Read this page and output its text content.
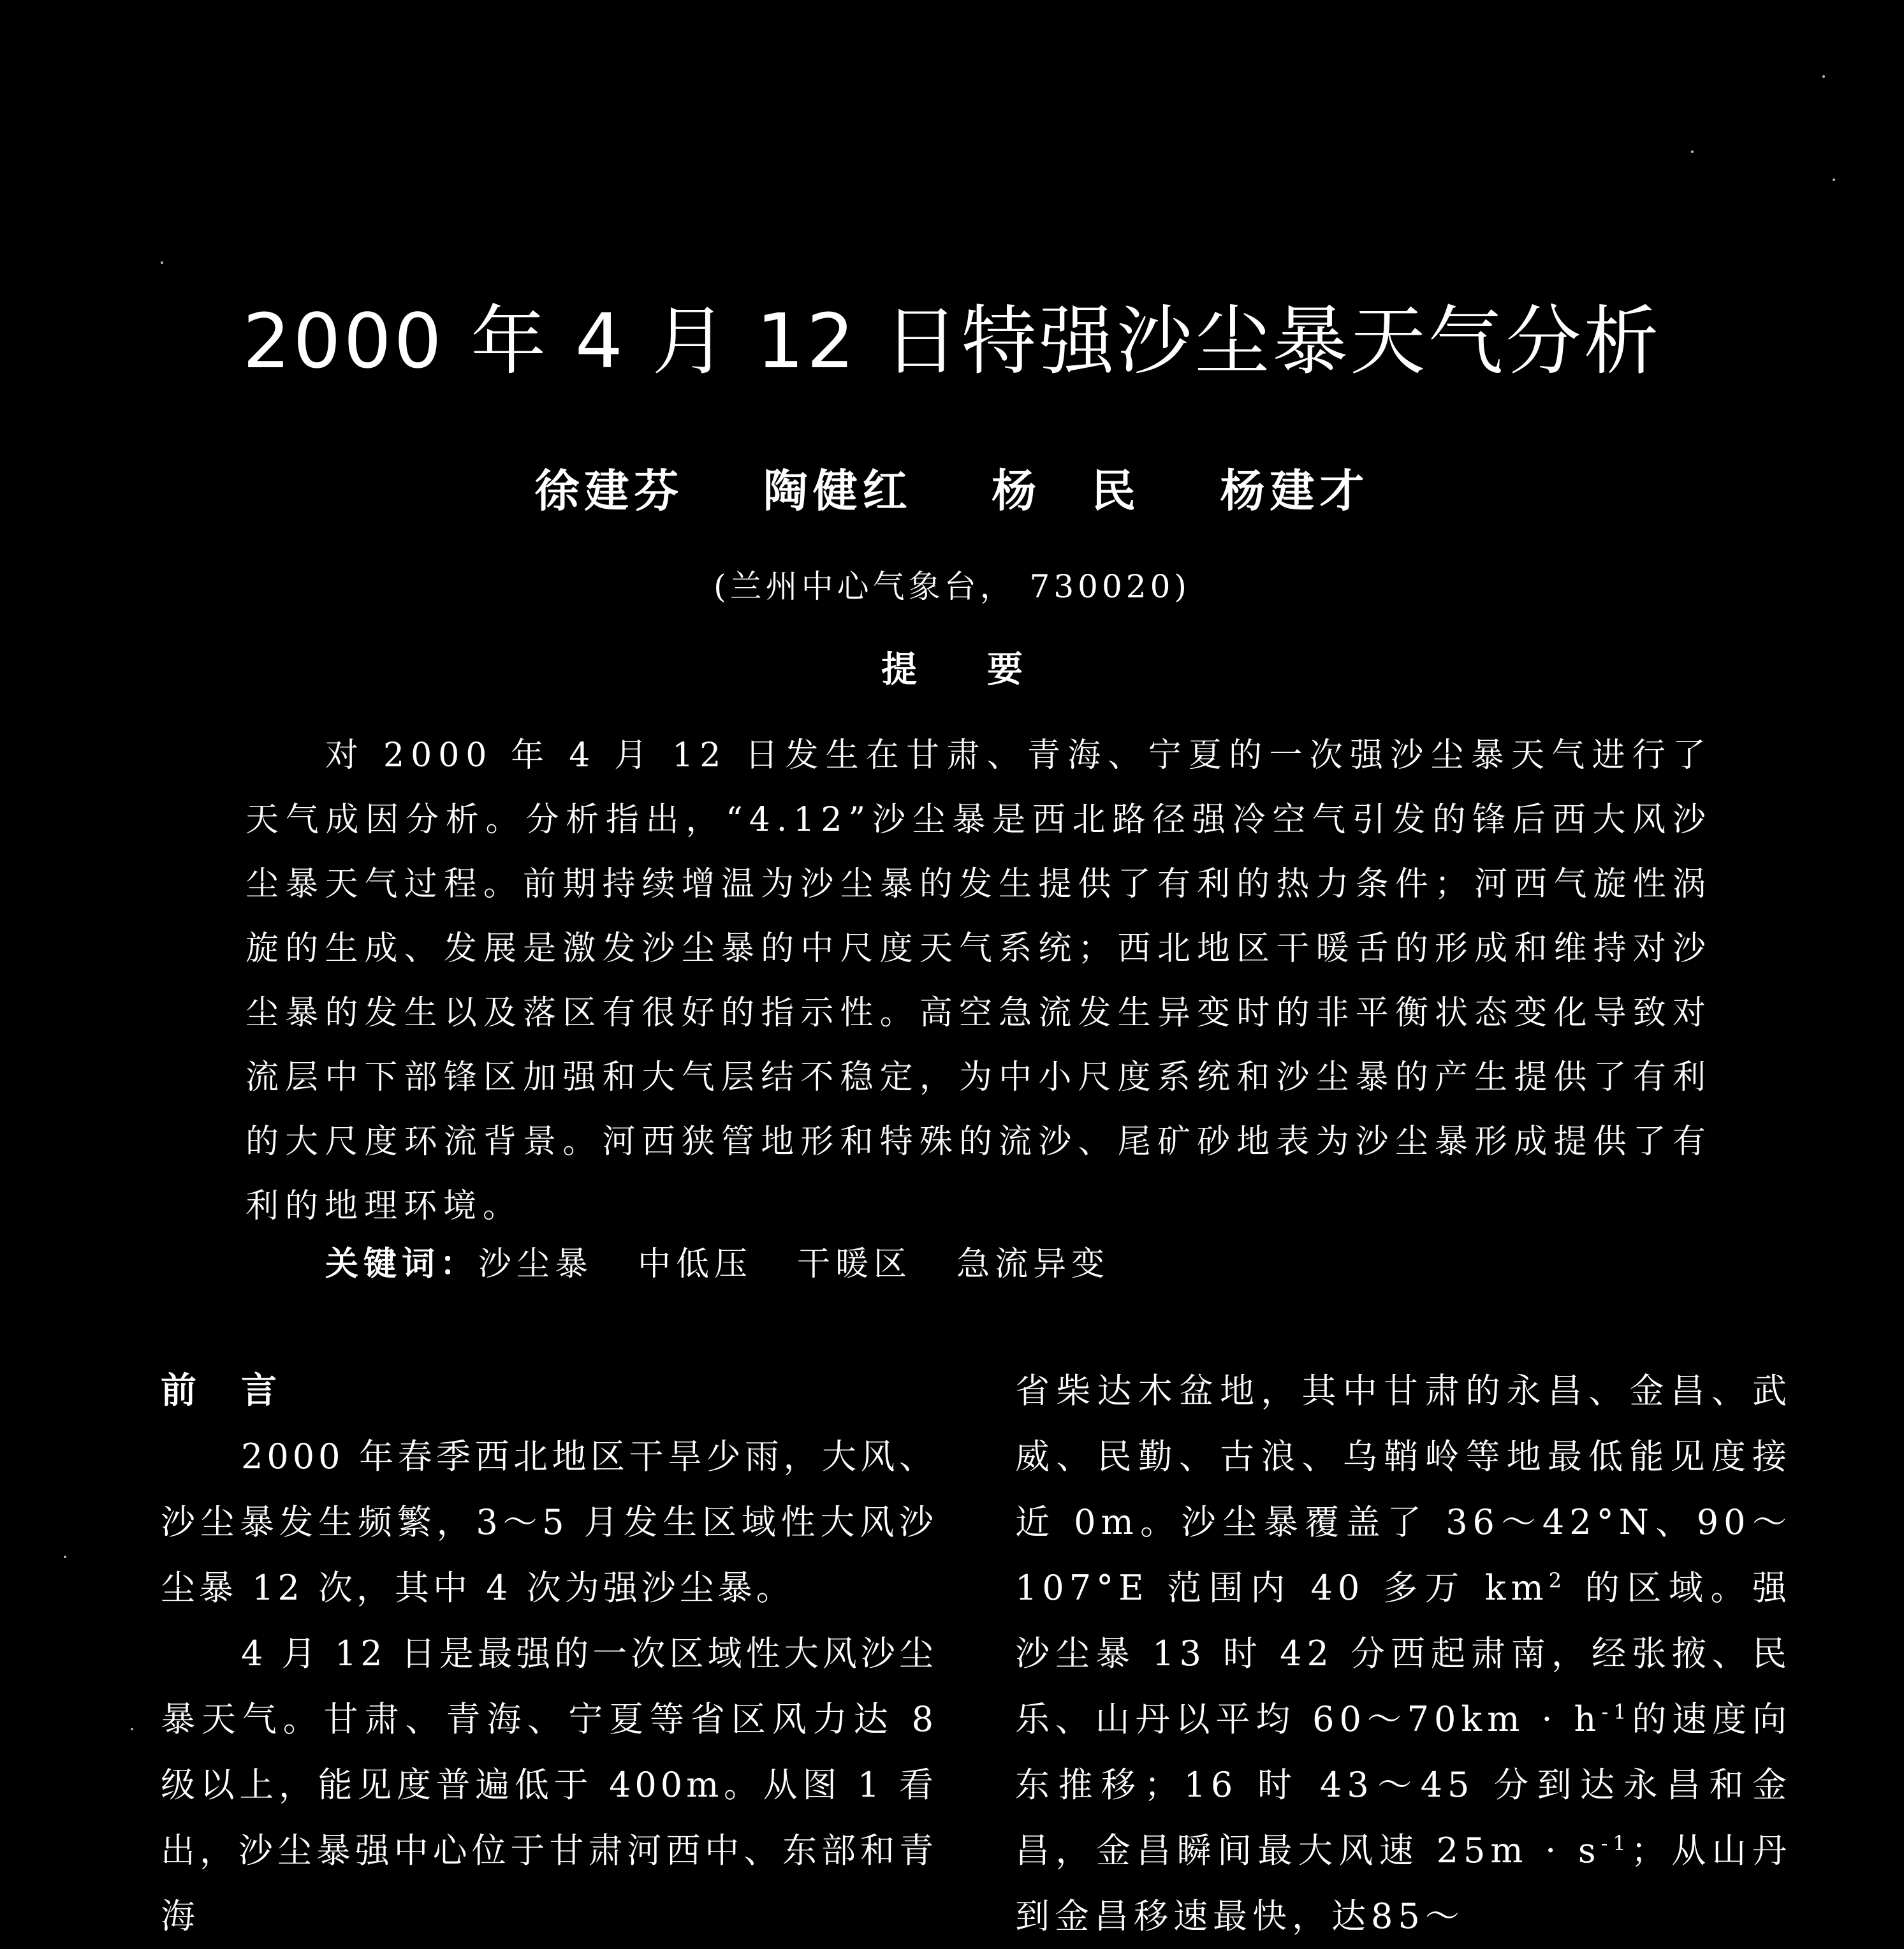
2000 年 4 月 12 日特强沙尘暴天气分析
徐建芬 陶健红 杨　民 杨建才
(兰州中心气象台， 730020)
提要

对 2000 年 4 月 12 日发生在甘肃、青海、宁夏的一次强沙尘暴天气进行了天气成因分析。分析指出，“4.12”沙尘暴是西北路径强冷空气引发的锋后西大风沙尘暴天气过程。前期持续增温为沙尘暴的发生提供了有利的热力条件；河西气旋性涡旋的生成、发展是激发沙尘暴的中尺度天气系统；西北地区干暖舌的形成和维持对沙尘暴的发生以及落区有很好的指示性。高空急流发生异变时的非平衡状态变化导致对流层中下部锋区加强和大气层结不稳定，为中小尺度系统和沙尘暴的产生提供了有利的大尺度环流背景。河西狭管地形和特殊的流沙、尾矿砂地表为沙尘暴形成提供了有利的地理环境。

关键词：沙尘暴 中低压 干暖区 急流异变
前言

2000 年春季西北地区干旱少雨，大风、沙尘暴发生频繁，3～5 月发生区域性大风沙尘暴 12 次，其中 4 次为强沙尘暴。

4 月 12 日是最强的一次区域性大风沙尘暴天气。甘肃、青海、宁夏等省区风力达 8 级以上，能见度普遍低于 400m。从图 1 看出，沙尘暴强中心位于甘肃河西中、东部和青海

省柴达木盆地，其中甘肃的永昌、金昌、武威、民勤、古浪、乌鞘岭等地最低能见度接近 0m。沙尘暴覆盖了 36～42°N、90～107°E 范围内 40 多万 $km^2$ 的区域。强沙尘暴 13 时 42 分西起肃南，经张掖、民乐、山丹以平均 60～70km · $h^{-1}$的速度向东推移；16 时 43～45 分到达永昌和金昌，金昌瞬间最大风速 $25m \cdot s^{-1}$；从山丹到金昌移速最快，达85～
